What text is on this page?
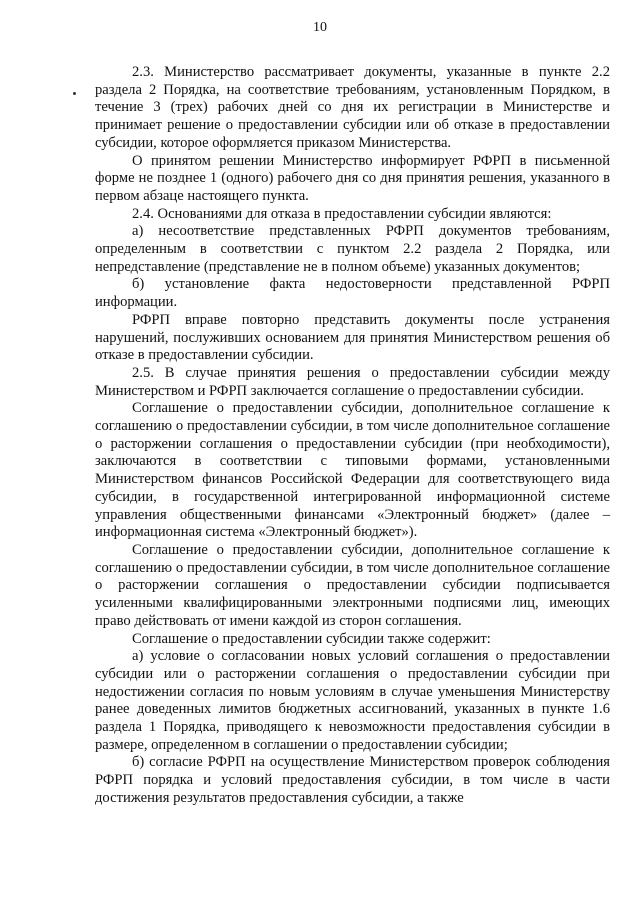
10

2.3. Министерство рассматривает документы, указанные в пункте 2.2 раздела 2 Порядка, на соответствие требованиям, установленным Порядком, в течение 3 (трех) рабочих дней со дня их регистрации в Министерстве и принимает решение о предоставлении субсидии или об отказе в предоставлении субсидии, которое оформляется приказом Министерства.

О принятом решении Министерство информирует РФРП в письменной форме не позднее 1 (одного) рабочего дня со дня принятия решения, указанного в первом абзаце настоящего пункта.

2.4. Основаниями для отказа в предоставлении субсидии являются:

а) несоответствие представленных РФРП документов требованиям, определенным в соответствии с пунктом 2.2 раздела 2 Порядка, или непредставление (представление не в полном объеме) указанных документов;

б) установление факта недостоверности представленной РФРП информации.

РФРП вправе повторно представить документы после устранения нарушений, послуживших основанием для принятия Министерством решения об отказе в предоставлении субсидии.

2.5. В случае принятия решения о предоставлении субсидии между Министерством и РФРП заключается соглашение о предоставлении субсидии.

Соглашение о предоставлении субсидии, дополнительное соглашение к соглашению о предоставлении субсидии, в том числе дополнительное соглашение о расторжении соглашения о предоставлении субсидии (при необходимости), заключаются в соответствии с типовыми формами, установленными Министерством финансов Российской Федерации для соответствующего вида субсидии, в государственной интегрированной информационной системе управления общественными финансами «Электронный бюджет» (далее – информационная система «Электронный бюджет»).

Соглашение о предоставлении субсидии, дополнительное соглашение к соглашению о предоставлении субсидии, в том числе дополнительное соглашение о расторжении соглашения о предоставлении субсидии подписывается усиленными квалифицированными электронными подписями лиц, имеющих право действовать от имени каждой из сторон соглашения.

Соглашение о предоставлении субсидии также содержит:

а) условие о согласовании новых условий соглашения о предоставлении субсидии или о расторжении соглашения о предоставлении субсидии при недостижении согласия по новым условиям в случае уменьшения Министерству ранее доведенных лимитов бюджетных ассигнований, указанных в пункте 1.6 раздела 1 Порядка, приводящего к невозможности предоставления субсидии в размере, определенном в соглашении о предоставлении субсидии;

б) согласие РФРП на осуществление Министерством проверок соблюдения РФРП порядка и условий предоставления субсидии, в том числе в части достижения результатов предоставления субсидии, а также
